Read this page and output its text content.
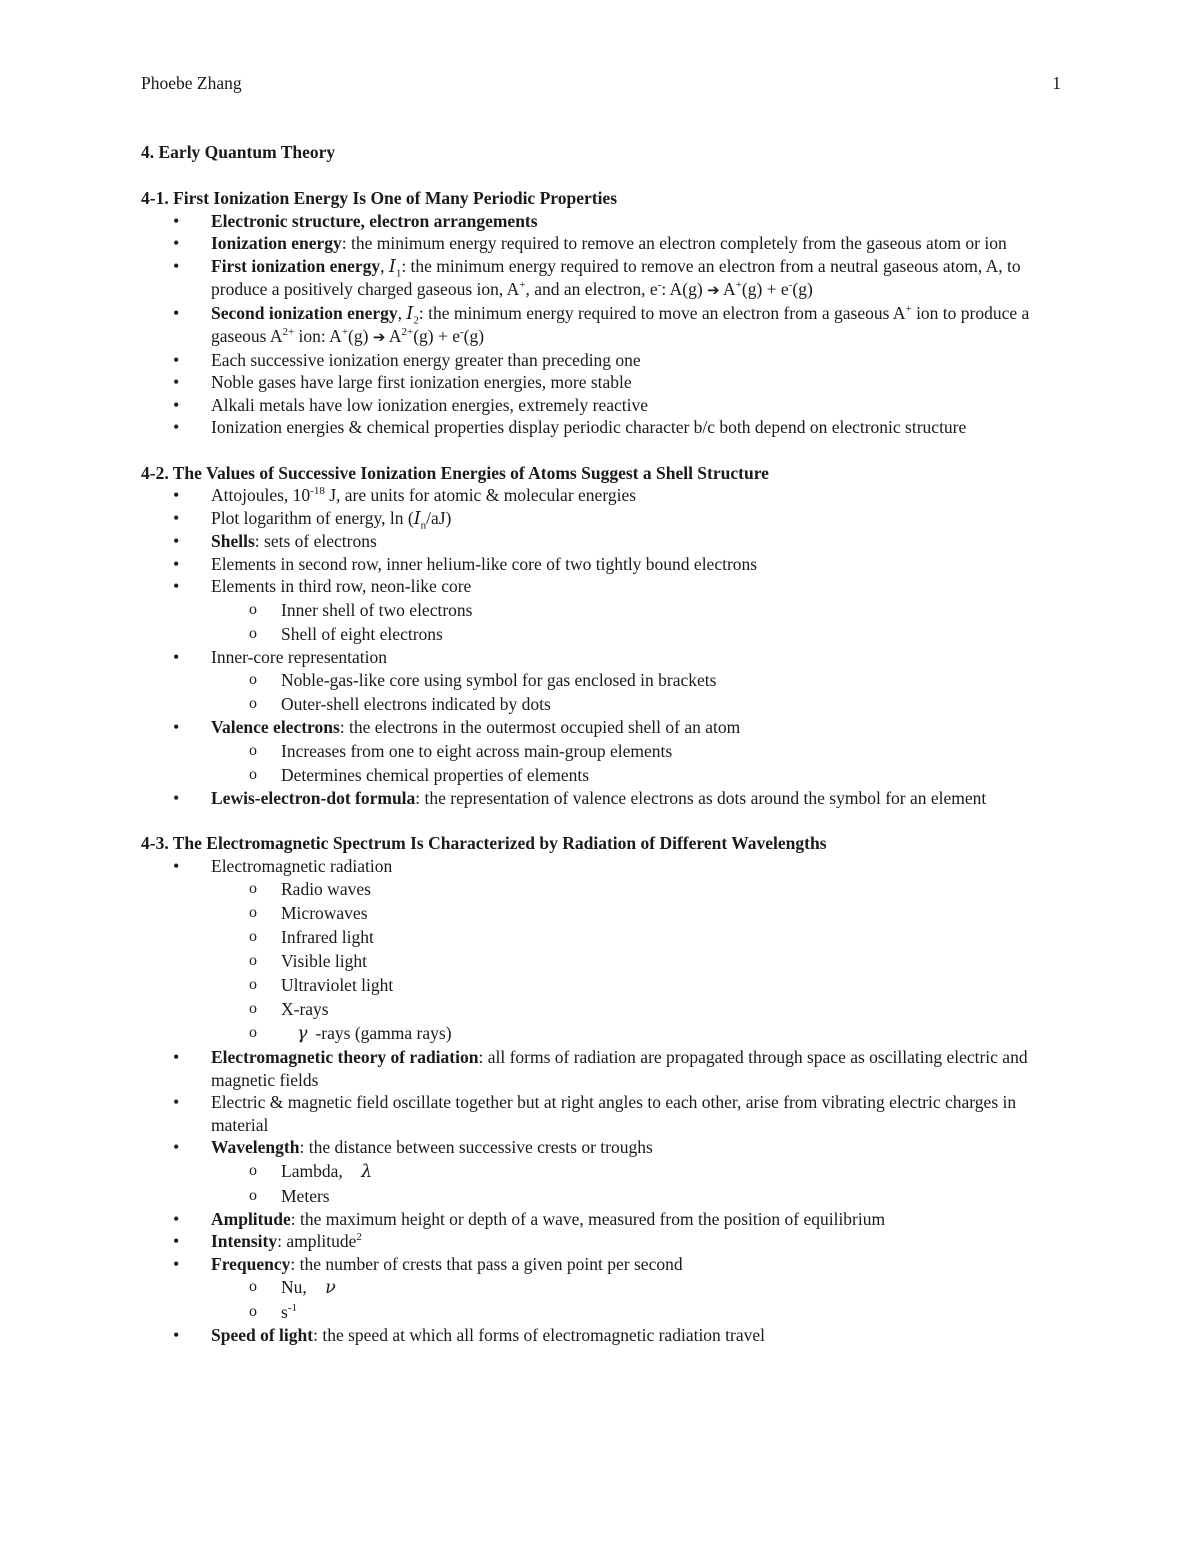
Phoebe Zhang	1
4. Early Quantum Theory
4-1. First Ionization Energy Is One of Many Periodic Properties
• Electronic structure, electron arrangements
• Ionization energy: the minimum energy required to remove an electron completely from the gaseous atom or ion
• First ionization energy, $I_1$: the minimum energy required to remove an electron from a neutral gaseous atom, A, to produce a positively charged gaseous ion, A+, and an electron, e-: A(g) ➔ A+(g) + e-(g)
• Second ionization energy, $I_2$: the minimum energy required to move an electron from a gaseous A+ ion to produce a gaseous $A^{2+}$ ion: A+(g) ➔ $A^{2+}(g) + e^-(g)$
• Each successive ionization energy greater than preceding one
• Noble gases have large first ionization energies, more stable
• Alkali metals have low ionization energies, extremely reactive
• Ionization energies & chemical properties display periodic character b/c both depend on electronic structure
4-2. The Values of Successive Ionization Energies of Atoms Suggest a Shell Structure
• Attojoules, $10^{-18}$ J, are units for atomic & molecular energies
• Plot logarithm of energy, $\ln (I_n/aJ)$
• Shells: sets of electrons
• Elements in second row, inner helium-like core of two tightly bound electrons
• Elements in third row, neon-like core
o Inner shell of two electrons
o Shell of eight electrons
• Inner-core representation
o Noble-gas-like core using symbol for gas enclosed in brackets
o Outer-shell electrons indicated by dots
• Valence electrons: the electrons in the outermost occupied shell of an atom
o Increases from one to eight across main-group elements
o Determines chemical properties of elements
• Lewis-electron-dot formula: the representation of valence electrons as dots around the symbol for an element
4-3. The Electromagnetic Spectrum Is Characterized by Radiation of Different Wavelengths
• Electromagnetic radiation
o Radio waves
o Microwaves
o Infrared light
o Visible light
o Ultraviolet light
o X-rays
o γ -rays (gamma rays)
• Electromagnetic theory of radiation: all forms of radiation are propagated through space as oscillating electric and magnetic fields
• Electric & magnetic field oscillate together but at right angles to each other, arise from vibrating electric charges in material
• Wavelength: the distance between successive crests or troughs
o Lambda, λ
o Meters
• Amplitude: the maximum height or depth of a wave, measured from the position of equilibrium
• Intensity: amplitude$^2$
• Frequency: the number of crests that pass a given point per second
o Nu, ν
o $s^{-1}$
• Speed of light: the speed at which all forms of electromagnetic radiation travel
